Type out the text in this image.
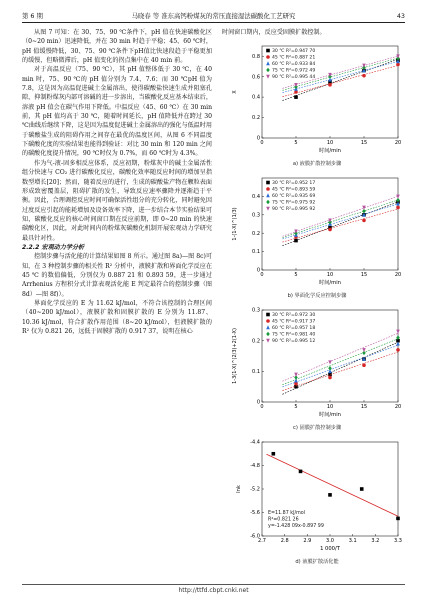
第 6 期	马晓春 等 准东高钙粉煤灰的常压直接湿法碳酸化工艺研究	43

从图 7 可知：在 30、75、90 ℃条件下，pH 值在快速碳酸化区（0~20 min）迅速降低，并在 30 min 时趋于平稳；45、60 ℃时，pH 值缓慢降低，30、75、90 ℃条件下pH值比快速段趋于平稳更加的缓慢，但略微滞后，pH 值变化的拐点集中在 40 min 前。

对于高温反应（75、90 ℃），其 pH 值整体低于 30 ℃，在 40 min 时，75、90 ℃的 pH 值分别为 7.4、7.6；而 30 ℃pH 值为 7.8，这是因为高温促进碱土金属溶出，使得碳酸盐快速生成并阻塞孔隙，抑制粉煤灰内部可溶碱的进一步溶出，当碳酸化反应基本结束后，溶液 pH 值会在碳气作用下降低。中温反应（45、60 ℃）在 30 min 前，其 pH 值均高于 30 ℃，随着时间延长，pH 值降低并在跨过 30 ℃曲线后继续下降，这是因为温度促进碱土金属溶出的强化与低温时用于碳酸盐生成的阻碍作用之间存在最优的温度区间，从图 6 不同温度下碳酸化度的实验结果也能得到验证：对比 30 min 和 120 min 之间的碳酸化度提升情况，90 ℃时仅为 0.7%，而 60 ℃时为 4.3%。

作为气-液-固多相反应体系，反应初期，粉煤灰中的碱土金属活性组分快速与 CO₂ 进行碳酸化反应，碳酸化效率随反应时间的增加呈指数型增长[20]；然而，随着反应的进行，生成的碳酸盐产物在颗粒表面形成致密覆盖层，阻碍扩散的发生，导致反应速率骤降并逐渐趋于平衡。因此，合理调控反应时间可确保活性组分的充分转化，同时避免因过度反应引起的能耗增加及设备效率下降，进一步结合本节实验结果可知，碳酸化反应的核心时间窗口期在反应前期，即 0~20 min 的快速碳酸化区，因此，对此时间内的粉煤灰碳酸化机制开展宏观动力学研究最具针对性。

2.2.2 宏观动力学分析

控制步骤与活化能的计算结果如图 8 所示。通过图 8a)—图 8c)可知，在 3 种控制步骤的相关性 R² 分析中，液膜扩散和界面化学反应在 45 ℃ 的数值偏低，分别仅为 0.887 21 和 0.893 59，进一步通过 Arrhenius 方程积分式计算表观活化能 E 判定最符合的控制步骤（图 8d）—图 8f)）。

界面化学反应的 E 为 11.62 kJ/mol，不符合该控制的合理区间（40~200 kJ/mol），液膜扩散和固膜扩散的 E 分别为 11.87、10.36 kJ/mol，符合扩散作用范围（8~20 kJ/mol），但液膜扩散的 R² 仅为 0.821 26，远低于固膜扩散的 0.917 37，说明在核心

时间窗口期内，反应受固膜扩散控制。

0	5	10	15	20
0
0.2
0.4
0.6
0.8
时间/min
X
30 ℃ R²=0.947 70
45 ℃ R²=0.887 21
60 ℃ R²=0.933 84
75 ℃ R²=0.972 49
90 ℃ R²=0.995 44
a) 液膜扩散控制步骤
0	5	10	15	20
0
0.1
0.2
0.3
0.4
时间/min
1-(1-X)^(1/3)
30 ℃ R²=0.952 17
45 ℃ R²=0.893 59
60 ℃ R²=0.935 69
75 ℃ R²=0.975 92
90 ℃ R²=0.995 92
b) 界面化学反应控制步骤
0	5	10	15	20
0
0.1
0.2
0.3
时间/min
1-3(1-X)^(2/3)+2(1-X)
30 ℃ R²=0.972 30
45 ℃ R²=0.917 37
60 ℃ R²=0.957 18
75 ℃ R²=0.981 40
90 ℃ R²=0.995 12
c) 固膜扩散控制步骤
2.7	2.8	2.9	3.0	3.1	3.2	3.3
-6.0
-5.6
-5.2
-4.8
-4.4
1 000/T
lnk
E=11.87 kJ/mol
R²=0.821 26
y=-1.428 09x-0.897 99
d) 液膜扩散活化能
http://ttfd.cbpt.cnki.net
